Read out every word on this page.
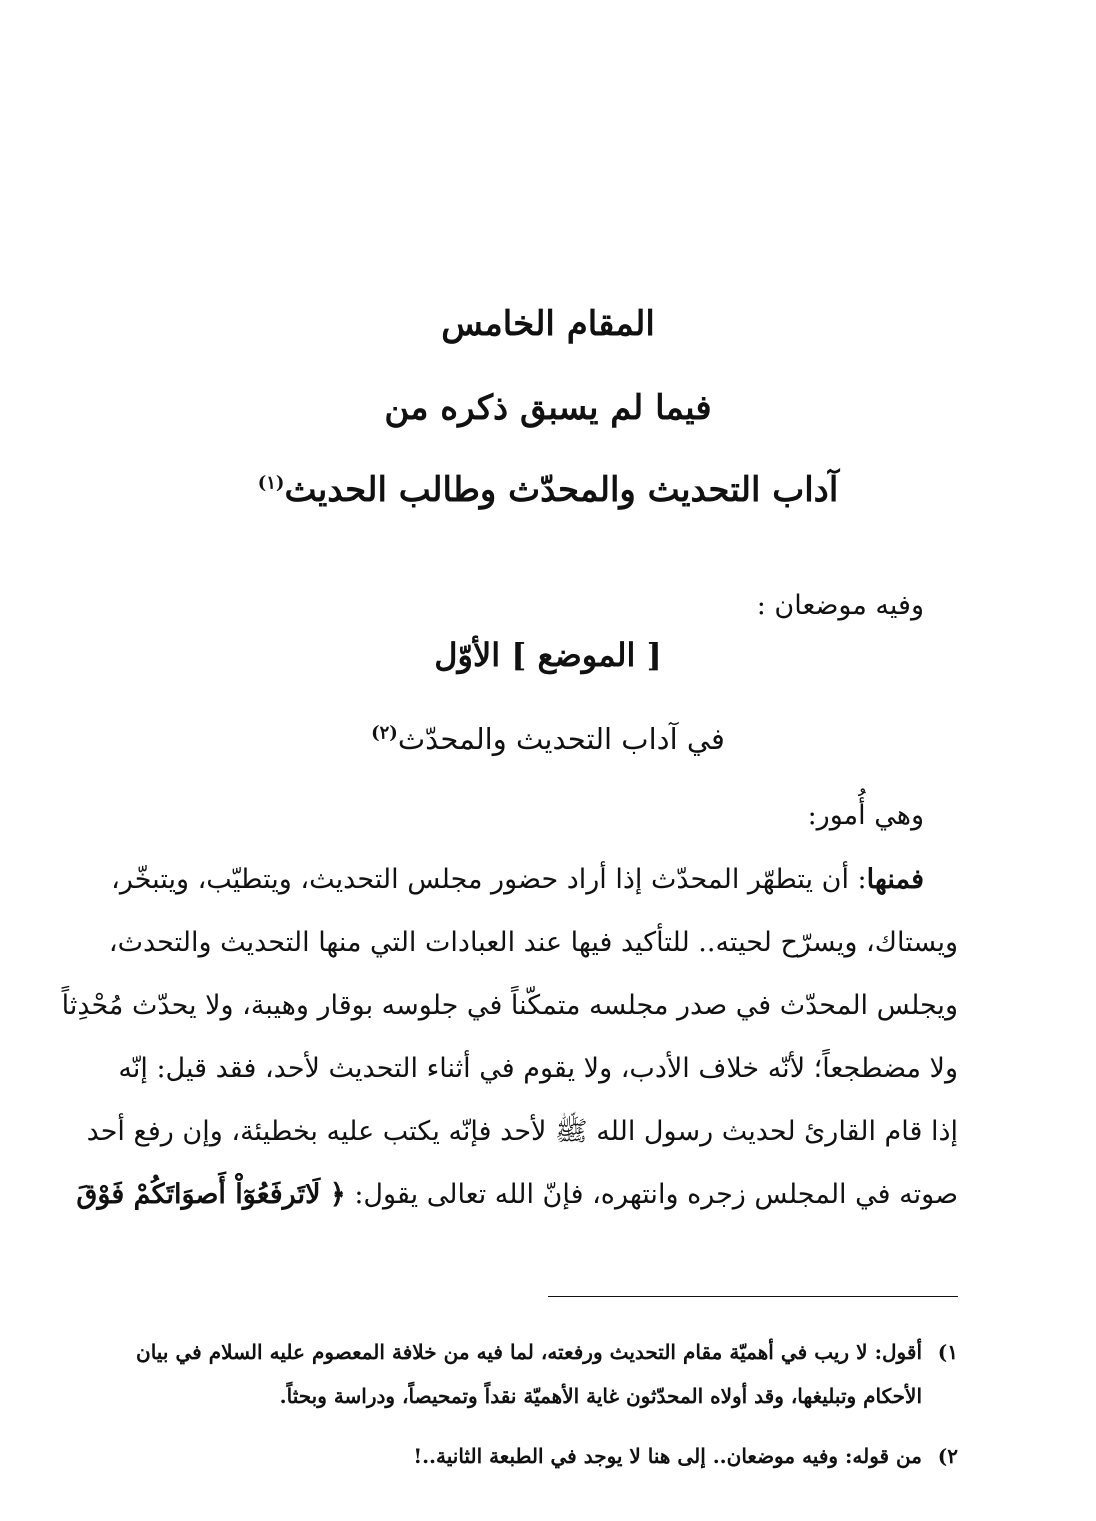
المقام الخامس
فيما لم يسبق ذكره من
آداب التحديث والمحدّث وطالب الحديث$^{(١)}$
وفيه موضعان :
[ الموضع ] الأوّل
في آداب التحديث والمحدّث$^{(٢)}$
وهي أُمور:
فمنها: أن يتطهّر المحدّث إذا أراد حضور مجلس التحديث، ويتطيّب، ويتبخّر،
ويستاك، ويسرّح لحيته.. للتأكيد فيها عند العبادات التي منها التحديث والتحدث،
ويجلس المحدّث في صدر مجلسه متمكّناً في جلوسه بوقار وهيبة، ولا يحدّث مُحْدِثاً
ولا مضطجعاً؛ لأنّه خلاف الأدب، ولا يقوم في أثناء التحديث لأحد، فقد قيل: إنّه
إذا قام القارئ لحديث رسول الله ﷺ لأحد فإنّه يكتب عليه بخطيئة، وإن رفع أحد
صوته في المجلس زجره وانتهره، فإنّ الله تعالى يقول: ﴿ لَاتَرفَعُوٓاْ أَصوَاتَكُمْ فَوْقَ
١)
أقول: لا ريب في أهميّة مقام التحديث ورفعته، لما فيه من خلافة المعصوم عليه السلام في بيان
الأحكام وتبليغها، وقد أولاه المحدّثون غاية الأهميّة نقداً وتمحيصاً، ودراسة وبحثاً.
٢)
من قوله: وفيه موضعان.. إلى هنا لا يوجد في الطبعة الثانية..!
